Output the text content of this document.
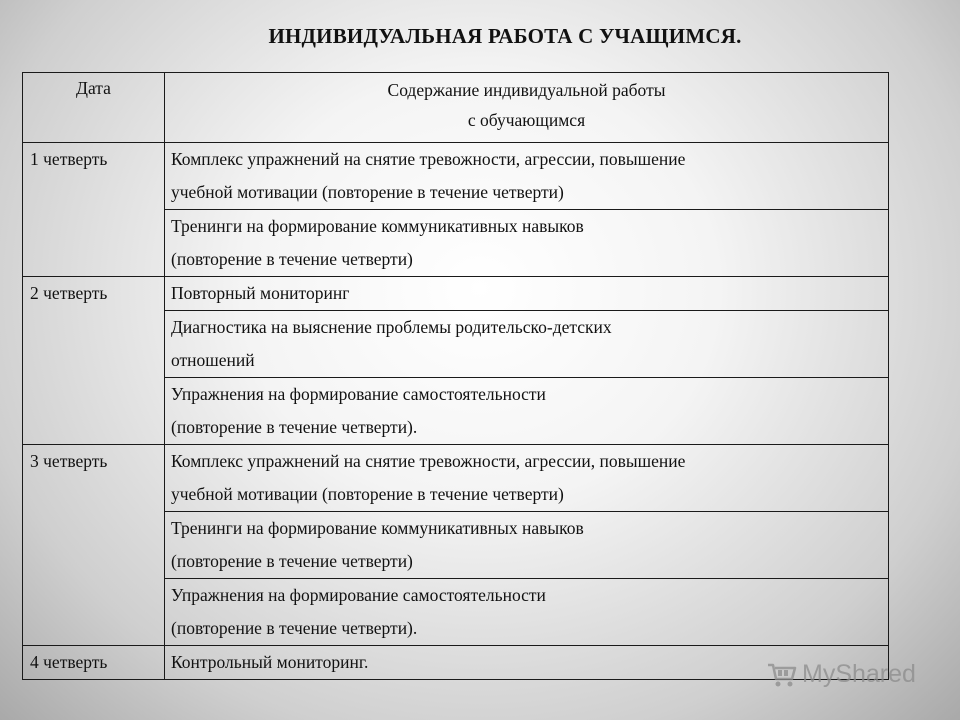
ИНДИВИДУАЛЬНАЯ РАБОТА С УЧАЩИМСЯ.
Дата	Содержание индивидуальной работы
с обучающимся

1 четверть	Комплекс упражнений на снятие тревожности, агрессии, повышение
учебной мотивации (повторение в течение четверти)

	Тренинги на формирование коммуникативных навыков
(повторение в течение четверти)

2 четверть	Повторный мониторинг

	Диагностика на выяснение проблемы родительско-детских
отношений

	Упражнения на формирование самостоятельности
(повторение в течение четверти).

3 четверть	Комплекс упражнений на снятие тревожности, агрессии, повышение
учебной мотивации (повторение в течение четверти)

	Тренинги на формирование коммуникативных навыков
(повторение в течение четверти)

	Упражнения на формирование самостоятельности
(повторение в течение четверти).

4 четверть	Контрольный мониторинг.	MyShared
